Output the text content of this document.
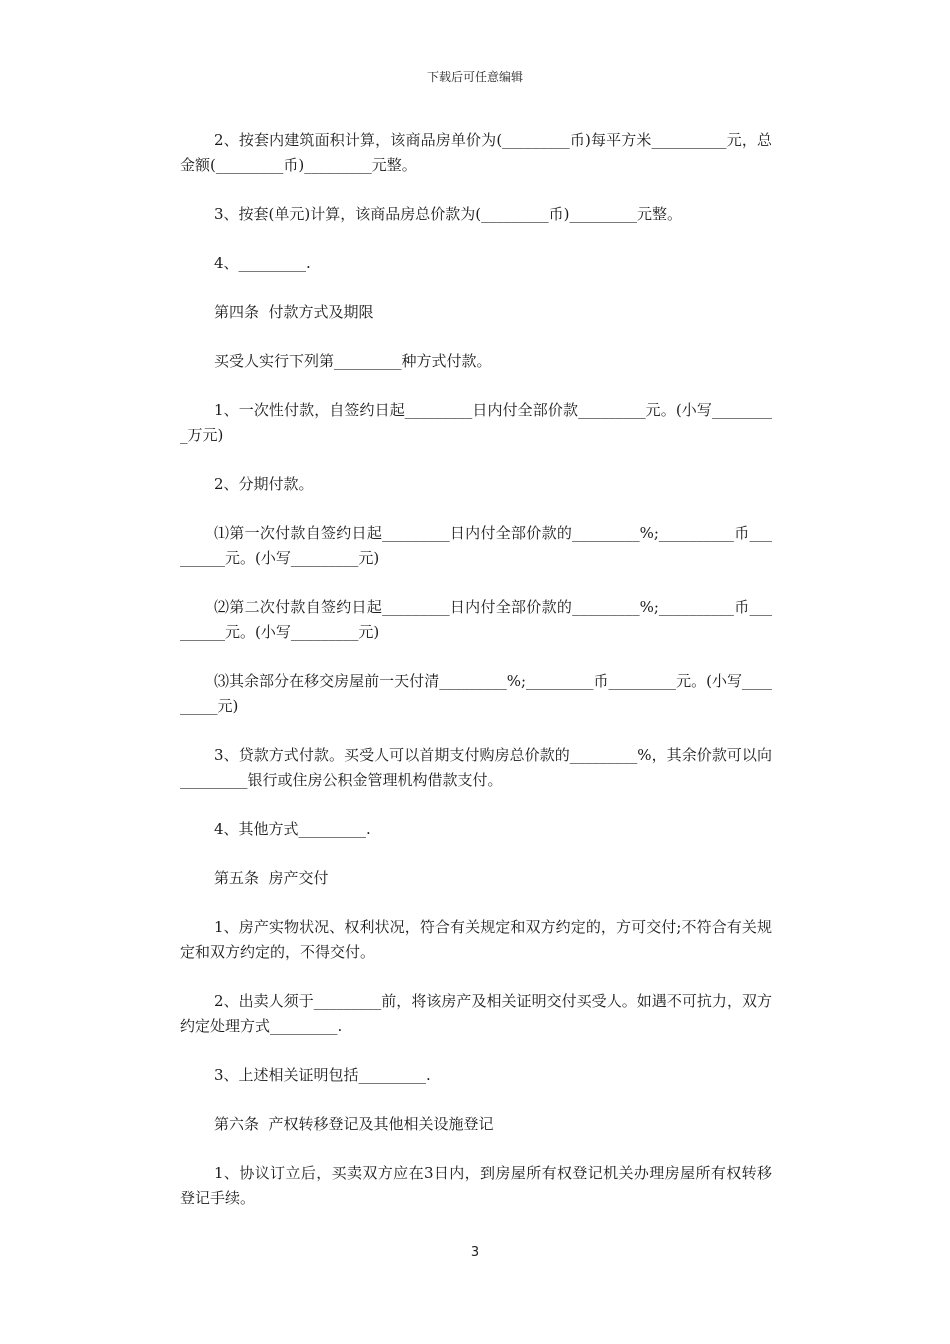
下载后可任意编辑

2、按套内建筑面积计算，该商品房单价为(_________币)每平方米__________元，总金额(_________币)_________元整。

3、按套(单元)计算，该商品房总价款为(_________币)_________元整。

4、_________.

第四条  付款方式及期限

买受人实行下列第_________种方式付款。

1、一次性付款，自签约日起_________日内付全部价款_________元。(小写_________万元)

2、分期付款。

⑴第一次付款自签约日起_________日内付全部价款的_________%;__________币_________元。(小写_________元)

⑵第二次付款自签约日起_________日内付全部价款的_________%;__________币_________元。(小写_________元)

⑶其余部分在移交房屋前一天付清_________%;_________币_________元。(小写_________元)

3、贷款方式付款。买受人可以首期支付购房总价款的_________%，其余价款可以向_________银行或住房公积金管理机构借款支付。

4、其他方式_________.

第五条  房产交付

1、房产实物状况、权利状况，符合有关规定和双方约定的，方可交付;不符合有关规定和双方约定的，不得交付。

2、出卖人须于_________前，将该房产及相关证明交付买受人。如遇不可抗力，双方约定处理方式_________.

3、上述相关证明包括_________.

第六条  产权转移登记及其他相关设施登记

1、协议订立后，买卖双方应在3日内，到房屋所有权登记机关办理房屋所有权转移登记手续。

3
